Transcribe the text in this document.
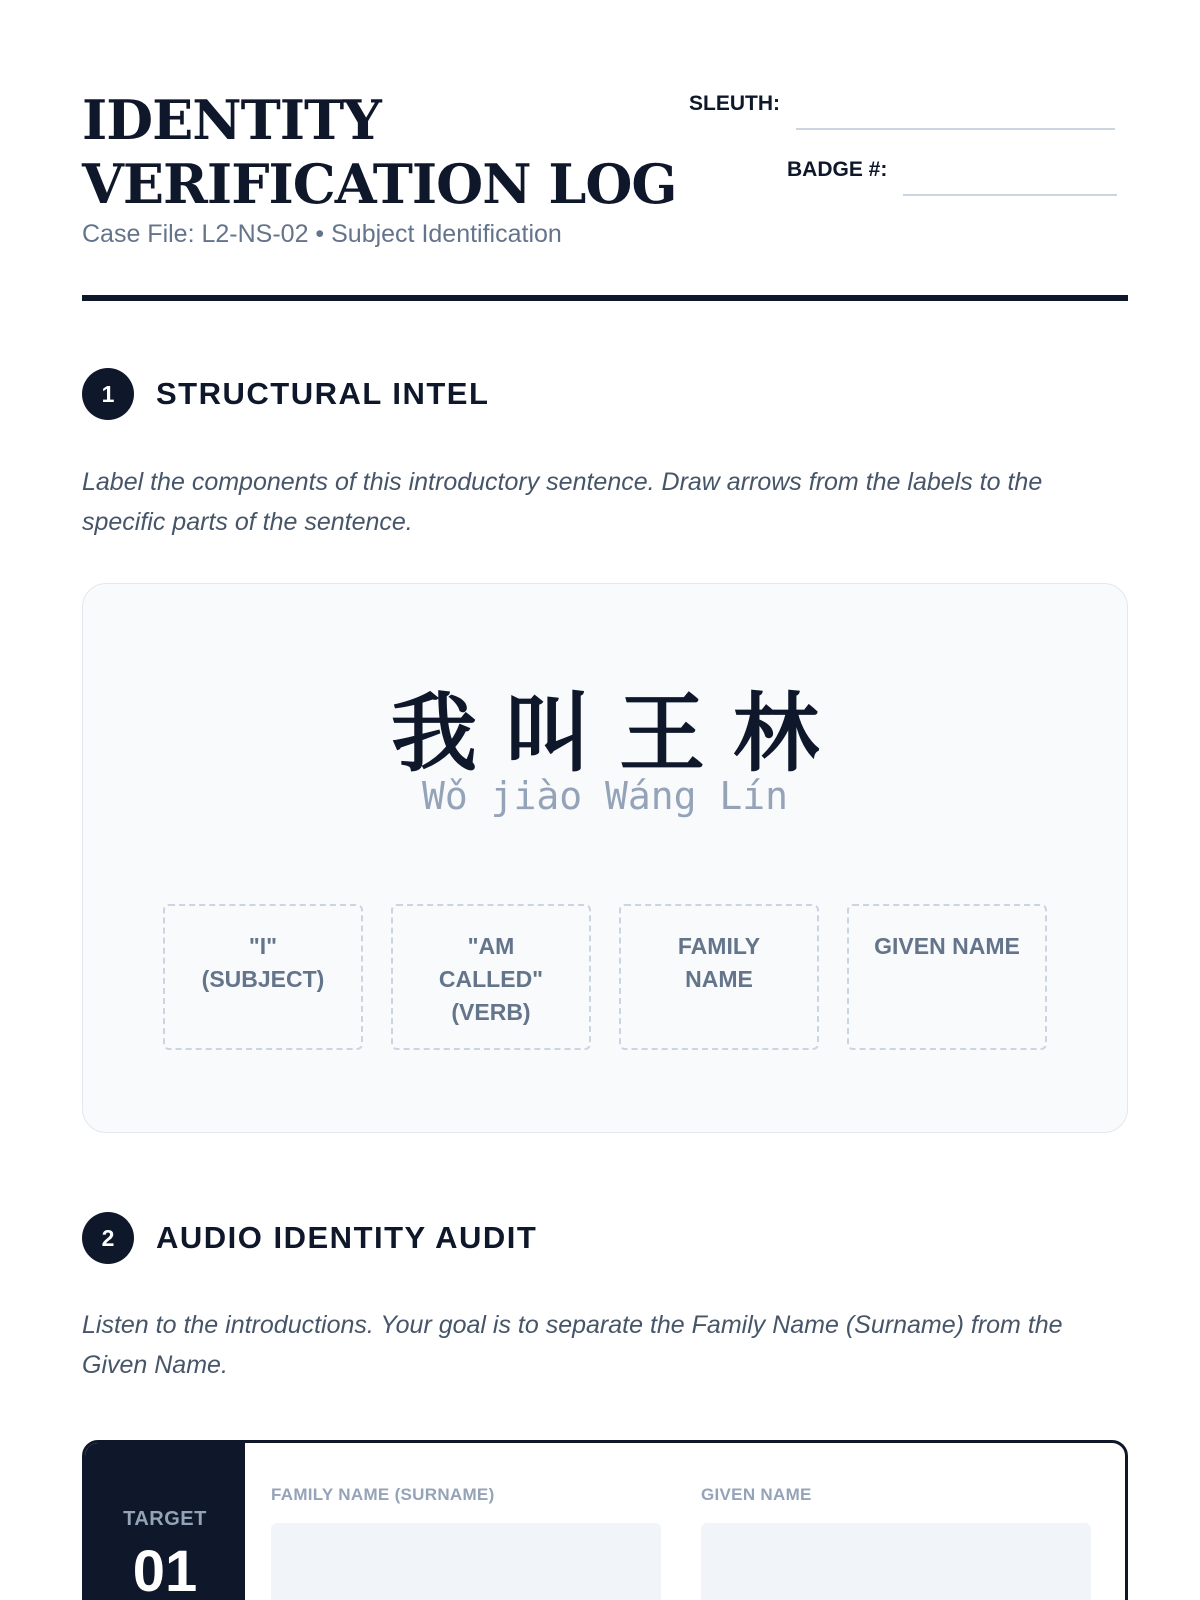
IDENTITY VERIFICATION LOG
Case File: L2-NS-02 • Subject Identification
SLEUTH:
BADGE #:
1	STRUCTURAL INTEL
Label the components of this introductory sentence. Draw arrows from the labels to the specific parts of the sentence.
我叫王林
Wǒ jiào Wáng Lín
"I"
(SUBJECT)
"AM
CALLED"
(VERB)
FAMILY
NAME
GIVEN NAME
2	AUDIO IDENTITY AUDIT
Listen to the introductions. Your goal is to separate the Family Name (Surname) from the Given Name.
TARGET
01
FAMILY NAME (SURNAME)	GIVEN NAME
